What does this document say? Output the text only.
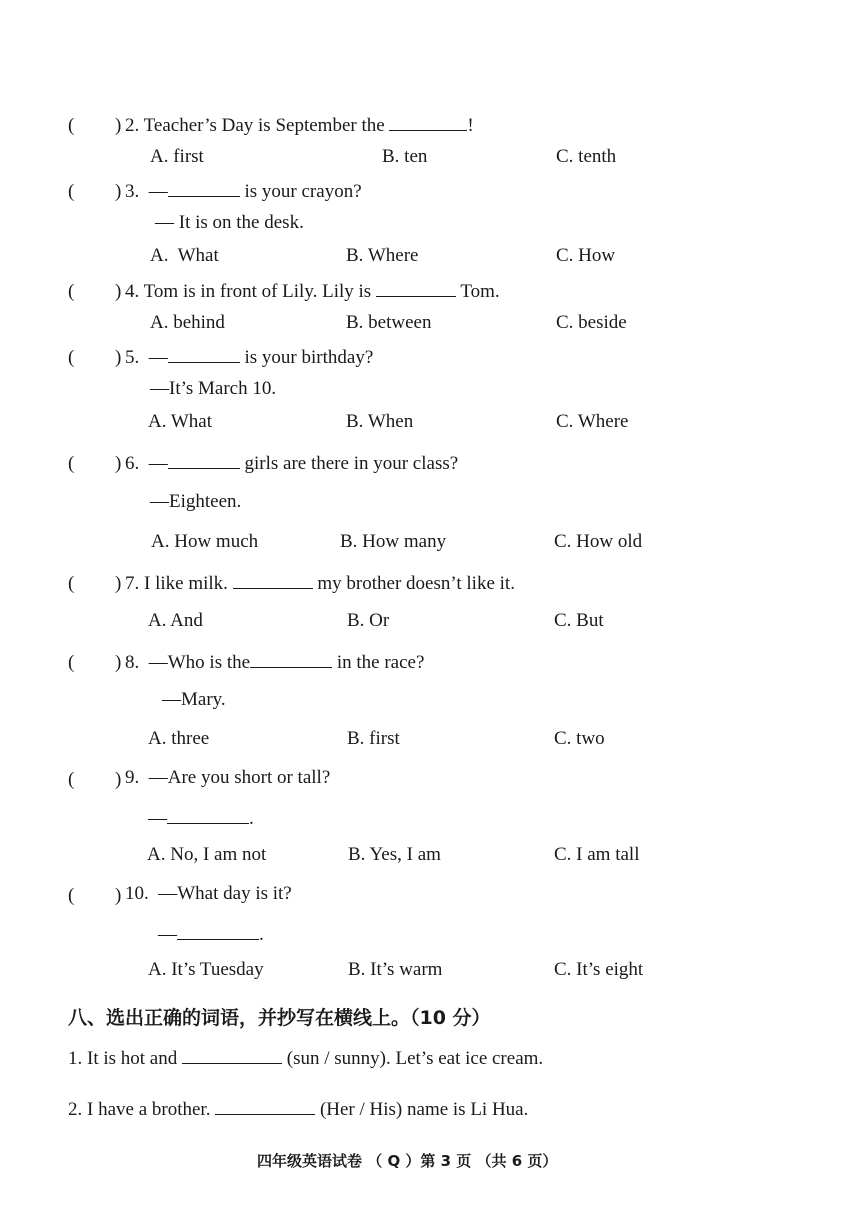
( ) 2. Teacher’s Day is September the	!
A. first	B. ten	C. tenth
( ) 3.  —	is your crayon?
— It is on the desk.
A.  What	B. Where	C. How
( ) 4. Tom is in front of Lily. Lily is	Tom.
A. behind	B. between	C. beside
( ) 5.  —	is your birthday?
—It’s March 10.
A. What	B. When	C. Where
( ) 6.  —	girls are there in your class?
—Eighteen.
A. How much	B. How many	C. How old
( ) 7. I like milk.	my brother doesn’t like it.
A. And	B. Or	C. But
( ) 8.  —Who is the	in the race?
—Mary.
A. three	B. first	C. two
( ) 9.  —Are you short or tall?
—	.
A. No, I am not	B. Yes, I am	C. I am tall
( ) 10.  —What day is it?
—	.
A. It’s Tuesday	B. It’s warm	C. It’s eight
八、选出正确的词语，并抄写在横线上。（10 分）
1. It is hot and	(sun / sunny). Let’s eat ice cream.
2. I have a brother.	(Her / His) name is Li Hua.
四年级英语试卷 （ Q ）第 3 页 （共 6 页）
